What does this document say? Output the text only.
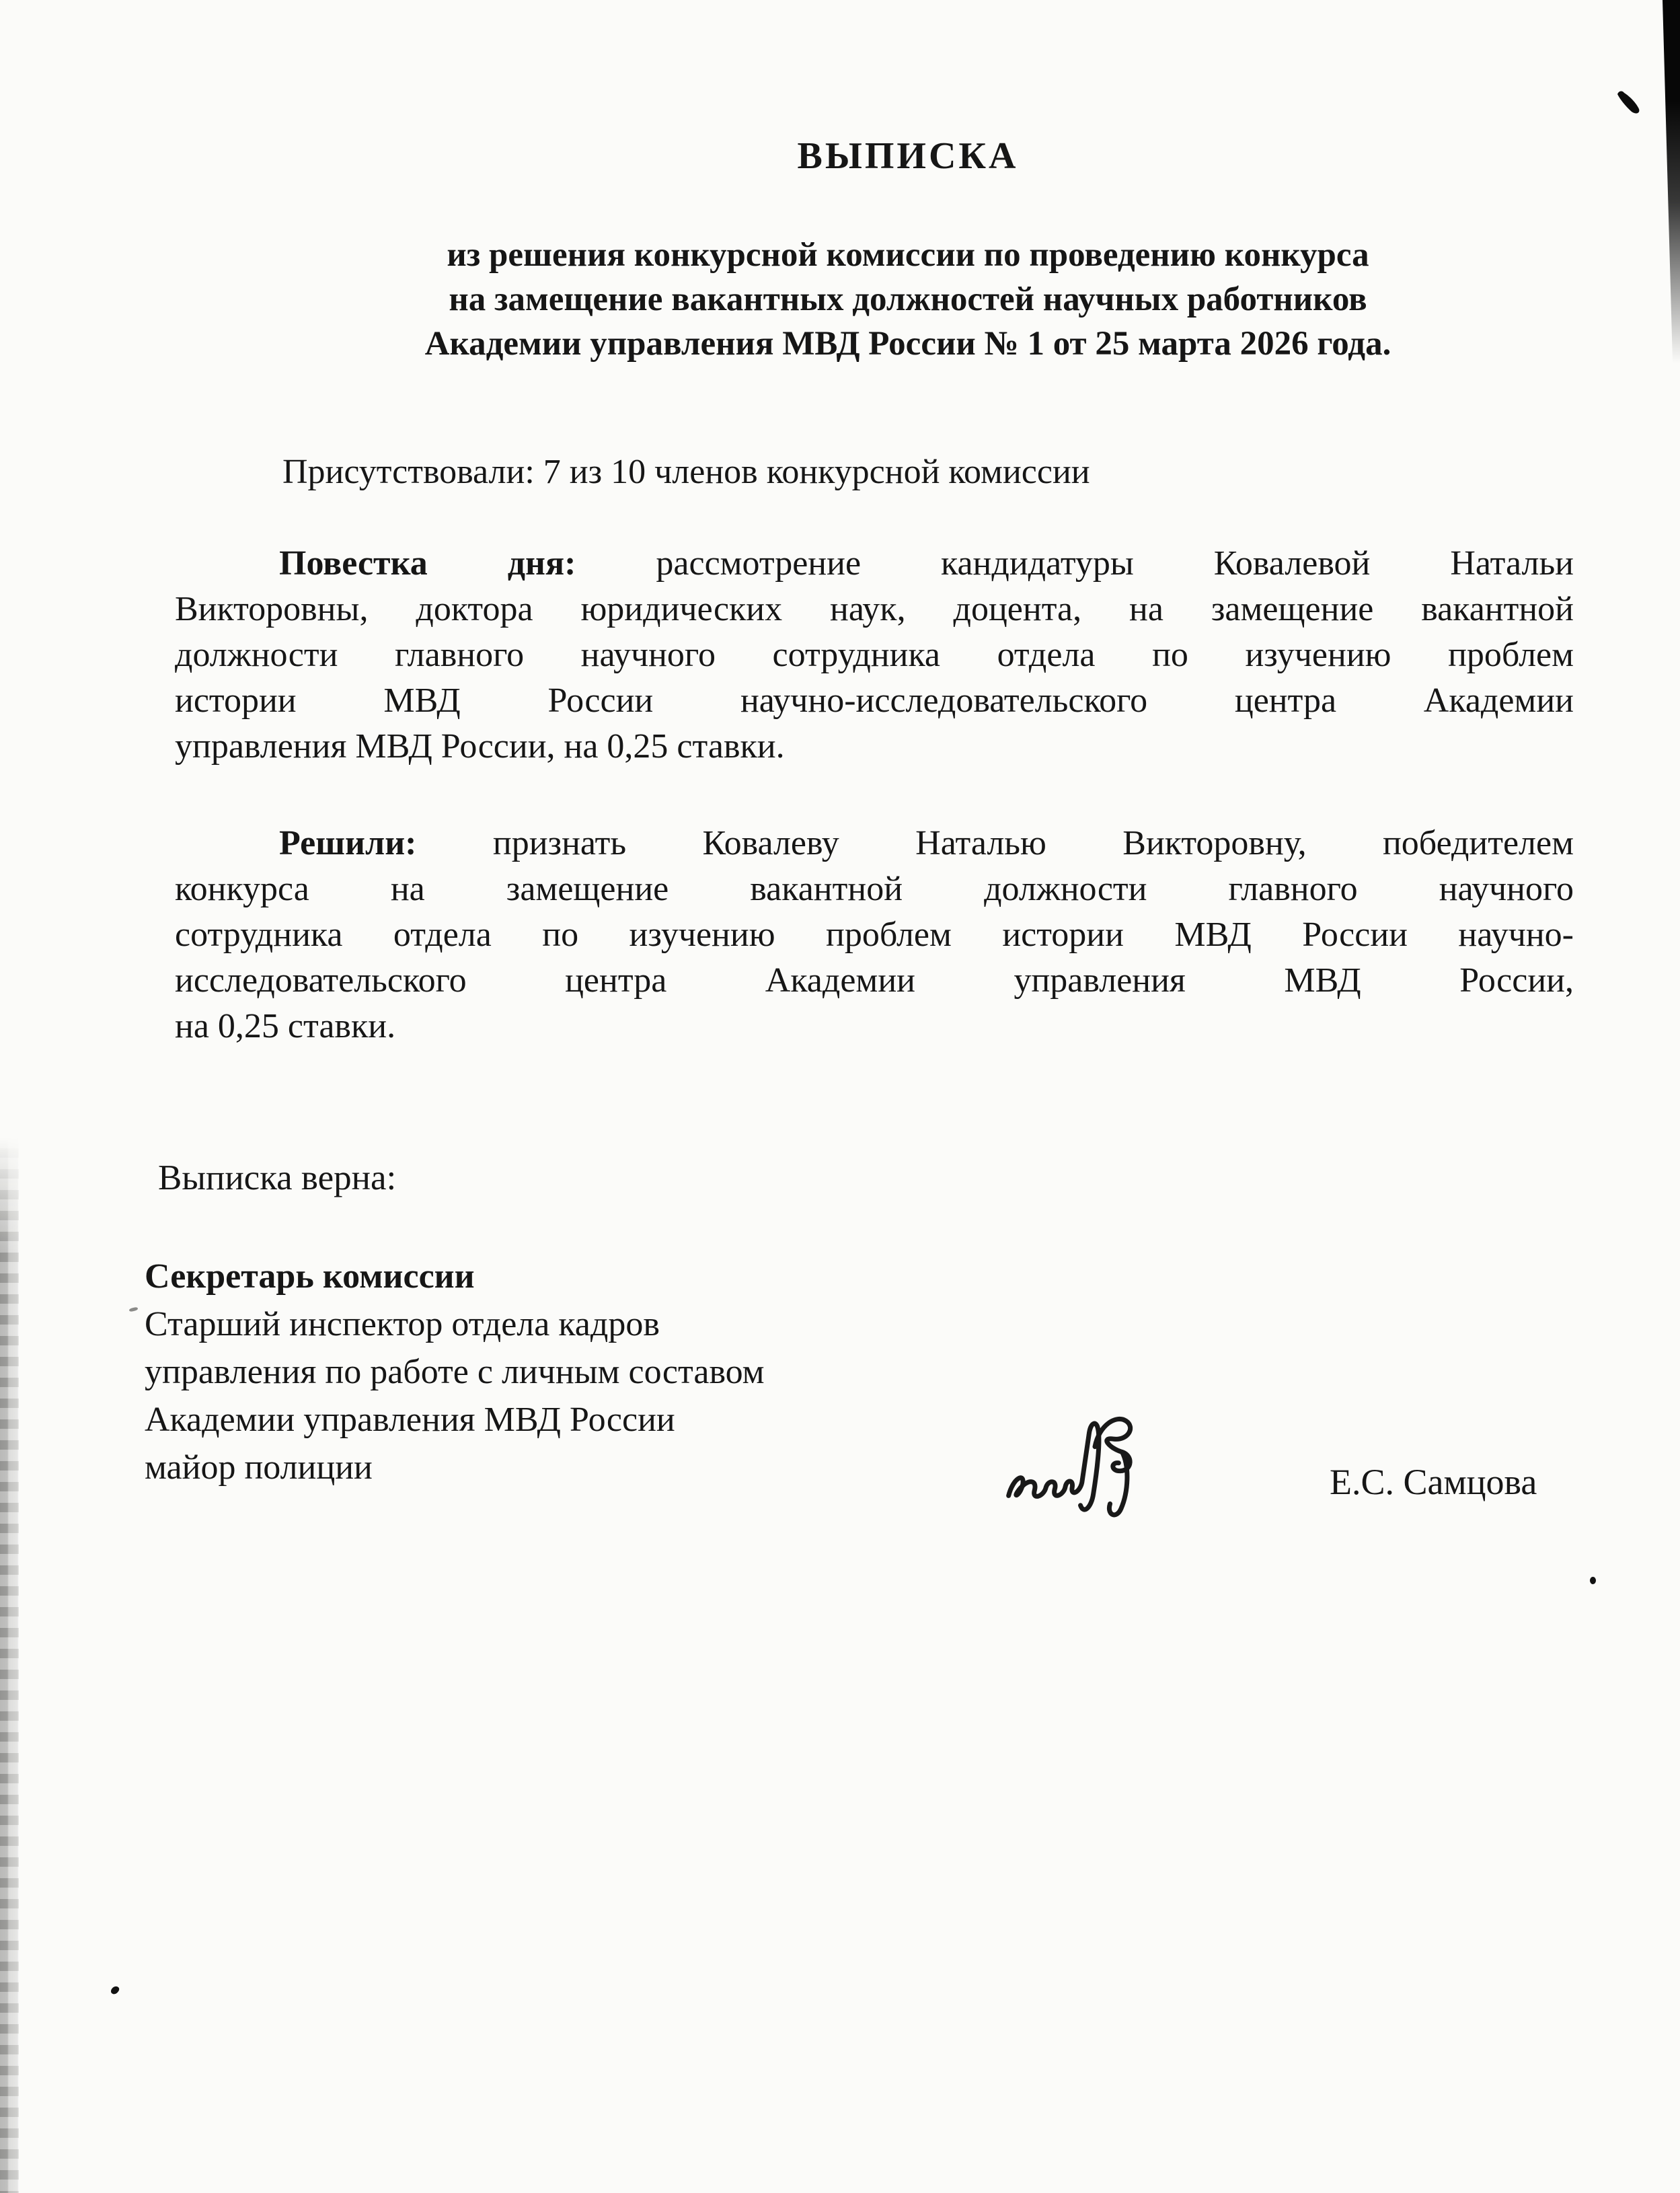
ВЫПИСКА
из решения конкурсной комиссии по проведению конкурса
на замещение вакантных должностей научных работников
Академии управления МВД России № 1 от 25 марта 2026 года.
Присутствовали: 7 из 10 членов конкурсной комиссии
Повестка дня: рассмотрение кандидатуры Ковалевой Натальи
Викторовны, доктора юридических наук, доцента, на замещение вакантной
должности главного научного сотрудника отдела по изучению проблем
истории МВД России научно-исследовательского центра Академии
управления МВД России, на 0,25 ставки.
Решили: признать Ковалеву Наталью Викторовну, победителем
конкурса на замещение вакантной должности главного научного
сотрудника отдела по изучению проблем истории МВД России научно-
исследовательского центра Академии управления МВД России,
на 0,25 ставки.
Выписка верна:
Секретарь комиссии
Старший инспектор отдела кадров
управления по работе с личным составом
Академии управления МВД России
майор полиции	Е.С. Самцова
